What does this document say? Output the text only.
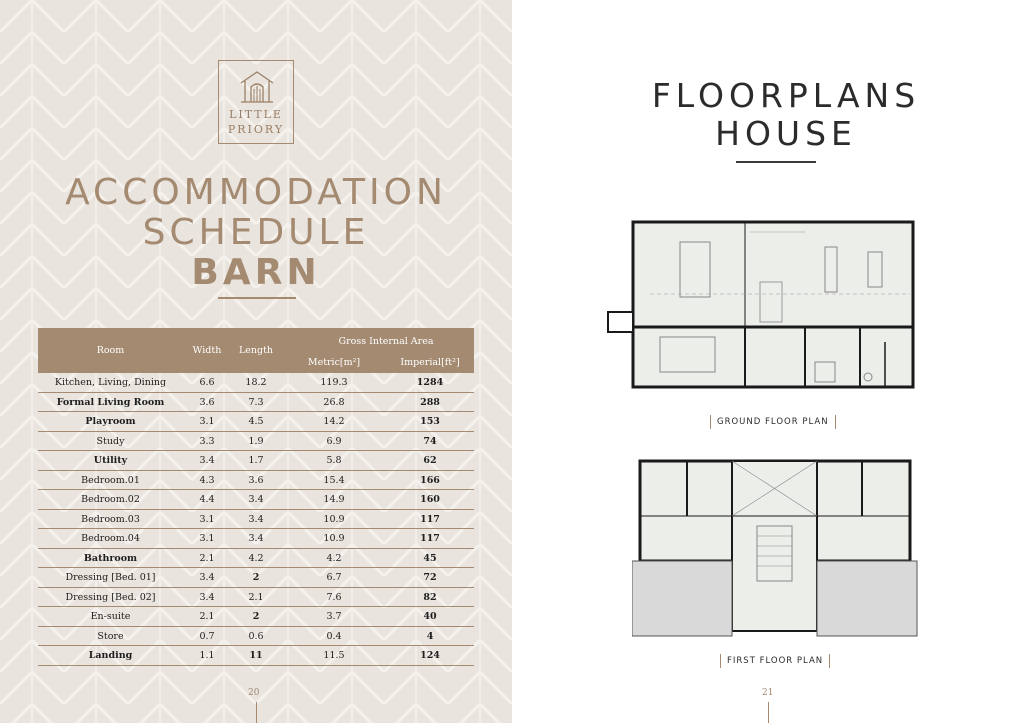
LITTLE
PRIORY
ACCOMMODATION
SCHEDULE
BARN
Room	Width	Length
Gross Internal Area
Metric[m²]	Imperial[ft²]
Kitchen, Living, Dining	6.6	18.2	119.3	1284
Formal Living Room	3.6	7.3	26.8	288
Playroom	3.1	4.5	14.2	153
Study	3.3	1.9	6.9	74
Utility	3.4	1.7	5.8	62
Bedroom.01	4.3	3.6	15.4	166
Bedroom.02	4.4	3.4	14.9	160
Bedroom.03	3.1	3.4	10.9	117
Bedroom.04	3.1	3.4	10.9	117
Bathroom	2.1	4.2	4.2	45
Dressing [Bed. 01]	3.4	2	6.7	72
Dressing [Bed. 02]	3.4	2.1	7.6	82
En-suite	2.1	2	3.7	40
Store	0.7	0.6	0.4	4
Landing	1.1	11	11.5	124
20
FLOORPLANS
HOUSE
GROUND FLOOR PLAN
FIRST FLOOR PLAN
21
